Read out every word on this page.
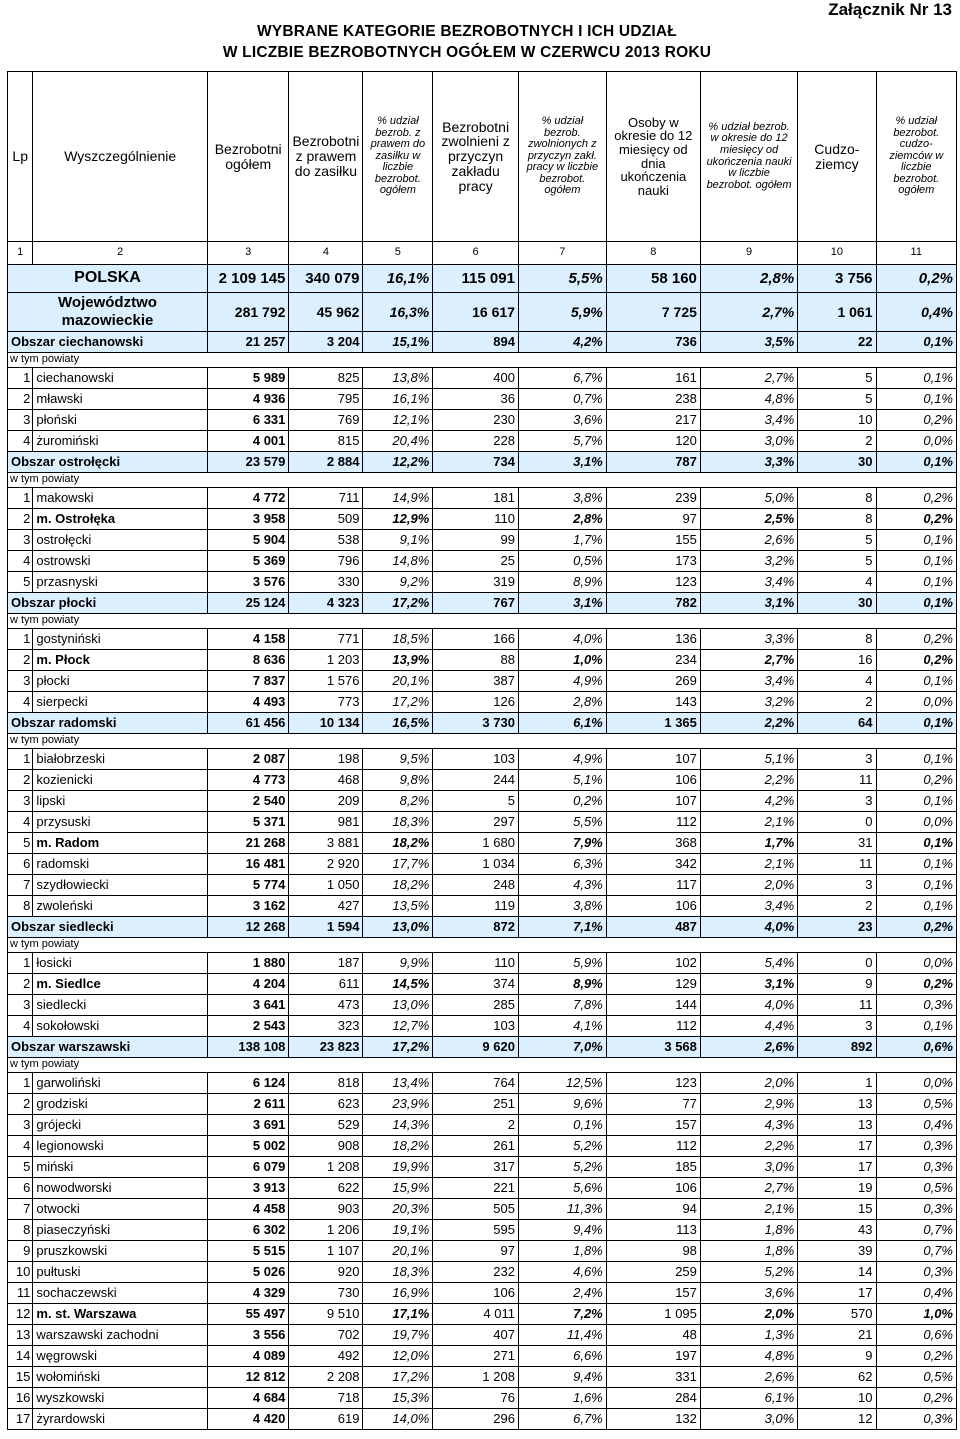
Załącznik Nr 13
WYBRANE KATEGORIE BEZROBOTNYCH I ICH UDZIAŁ
W LICZBIE BEZROBOTNYCH OGÓŁEM W CZERWCU 2013 ROKU
Lp	Wyszczególnienie	Bezrobotni ogółem	Bezrobotni z prawem do zasiłku	% udział bezrob. z prawem do zasiłku w liczbie bezrobot. ogółem	Bezrobotni zwolnieni z przyczyn zakładu pracy	% udział bezrob. zwolnionych z przyczyn zakł. pracy w liczbie bezrobot. ogółem	Osoby w okresie do 12 miesięcy od dnia ukończenia nauki	% udział bezrob. w okresie do 12 miesięcy od ukończenia nauki w liczbie bezrobot. ogółem	Cudzo-ziemcy	% udział bezrobot. cudzo-ziemców w liczbie bezrobot. ogółem
1	2	3	4	5	6	7	8	9	10	11
POLSKA		2 109 145	340 079	16,1%	115 091	5,5%	58 160	2,8%	3 756	0,2%
Województwo mazowieckie		281 792	45 962	16,3%	16 617	5,9%	7 725	2,7%	1 061	0,4%
Obszar ciechanowski		21 257	3 204	15,1%	894	4,2%	736	3,5%	22	0,1%
w tym powiaty										
1	ciechanowski	5 989	825	13,8%	400	6,7%	161	2,7%	5	0,1%
2	mławski	4 936	795	16,1%	36	0,7%	238	4,8%	5	0,1%
3	płoński	6 331	769	12,1%	230	3,6%	217	3,4%	10	0,2%
4	żuromiński	4 001	815	20,4%	228	5,7%	120	3,0%	2	0,0%
Obszar ostrołęcki		23 579	2 884	12,2%	734	3,1%	787	3,3%	30	0,1%
w tym powiaty										
1	makowski	4 772	711	14,9%	181	3,8%	239	5,0%	8	0,2%
2	m. Ostrołęka	3 958	509	12,9%	110	2,8%	97	2,5%	8	0,2%
3	ostrołęcki	5 904	538	9,1%	99	1,7%	155	2,6%	5	0,1%
4	ostrowski	5 369	796	14,8%	25	0,5%	173	3,2%	5	0,1%
5	przasnyski	3 576	330	9,2%	319	8,9%	123	3,4%	4	0,1%
Obszar płocki		25 124	4 323	17,2%	767	3,1%	782	3,1%	30	0,1%
w tym powiaty										
1	gostyniński	4 158	771	18,5%	166	4,0%	136	3,3%	8	0,2%
2	m. Płock	8 636	1 203	13,9%	88	1,0%	234	2,7%	16	0,2%
3	płocki	7 837	1 576	20,1%	387	4,9%	269	3,4%	4	0,1%
4	sierpecki	4 493	773	17,2%	126	2,8%	143	3,2%	2	0,0%
Obszar radomski		61 456	10 134	16,5%	3 730	6,1%	1 365	2,2%	64	0,1%
w tym powiaty										
1	białobrzeski	2 087	198	9,5%	103	4,9%	107	5,1%	3	0,1%
2	kozienicki	4 773	468	9,8%	244	5,1%	106	2,2%	11	0,2%
3	lipski	2 540	209	8,2%	5	0,2%	107	4,2%	3	0,1%
4	przysuski	5 371	981	18,3%	297	5,5%	112	2,1%	0	0,0%
5	m. Radom	21 268	3 881	18,2%	1 680	7,9%	368	1,7%	31	0,1%
6	radomski	16 481	2 920	17,7%	1 034	6,3%	342	2,1%	11	0,1%
7	szydłowiecki	5 774	1 050	18,2%	248	4,3%	117	2,0%	3	0,1%
8	zwoleński	3 162	427	13,5%	119	3,8%	106	3,4%	2	0,1%
Obszar siedlecki		12 268	1 594	13,0%	872	7,1%	487	4,0%	23	0,2%
w tym powiaty										
1	łosicki	1 880	187	9,9%	110	5,9%	102	5,4%	0	0,0%
2	m. Siedlce	4 204	611	14,5%	374	8,9%	129	3,1%	9	0,2%
3	siedlecki	3 641	473	13,0%	285	7,8%	144	4,0%	11	0,3%
4	sokołowski	2 543	323	12,7%	103	4,1%	112	4,4%	3	0,1%
Obszar warszawski		138 108	23 823	17,2%	9 620	7,0%	3 568	2,6%	892	0,6%
w tym powiaty										
1	garwoliński	6 124	818	13,4%	764	12,5%	123	2,0%	1	0,0%
2	grodziski	2 611	623	23,9%	251	9,6%	77	2,9%	13	0,5%
3	grójecki	3 691	529	14,3%	2	0,1%	157	4,3%	13	0,4%
4	legionowski	5 002	908	18,2%	261	5,2%	112	2,2%	17	0,3%
5	miński	6 079	1 208	19,9%	317	5,2%	185	3,0%	17	0,3%
6	nowodworski	3 913	622	15,9%	221	5,6%	106	2,7%	19	0,5%
7	otwocki	4 458	903	20,3%	505	11,3%	94	2,1%	15	0,3%
8	piaseczyński	6 302	1 206	19,1%	595	9,4%	113	1,8%	43	0,7%
9	pruszkowski	5 515	1 107	20,1%	97	1,8%	98	1,8%	39	0,7%
10	pułtuski	5 026	920	18,3%	232	4,6%	259	5,2%	14	0,3%
11	sochaczewski	4 329	730	16,9%	106	2,4%	157	3,6%	17	0,4%
12	m. st. Warszawa	55 497	9 510	17,1%	4 011	7,2%	1 095	2,0%	570	1,0%
13	warszawski zachodni	3 556	702	19,7%	407	11,4%	48	1,3%	21	0,6%
14	węgrowski	4 089	492	12,0%	271	6,6%	197	4,8%	9	0,2%
15	wołomiński	12 812	2 208	17,2%	1 208	9,4%	331	2,6%	62	0,5%
16	wyszkowski	4 684	718	15,3%	76	1,6%	284	6,1%	10	0,2%
17	żyrardowski	4 420	619	14,0%	296	6,7%	132	3,0%	12	0,3%
